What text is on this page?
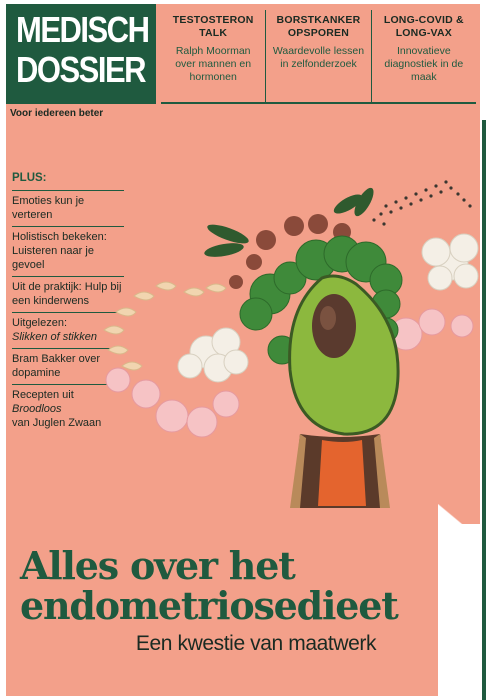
MEDISCH
DOSSIER
Voor iedereen beter
TESTOSTERON TALK
Ralph Moorman over mannen en hormonen
BORSTKANKER OPSPOREN
Waardevolle lessen in zelfonderzoek
LONG-COVID & LONG-VAX
Innovatieve diagnostiek in de maak
PLUS:
Emoties kun je verteren
Holistisch bekeken: Luisteren naar je gevoel
Uit de praktijk: Hulp bij een kinderwens
Uitgelezen:
Slikken of stikken
Bram Bakker over dopamine
Recepten uit
Broodloos
van Juglen Zwaan
Alles over het endometriosedieet
Een kwestie van maatwerk
